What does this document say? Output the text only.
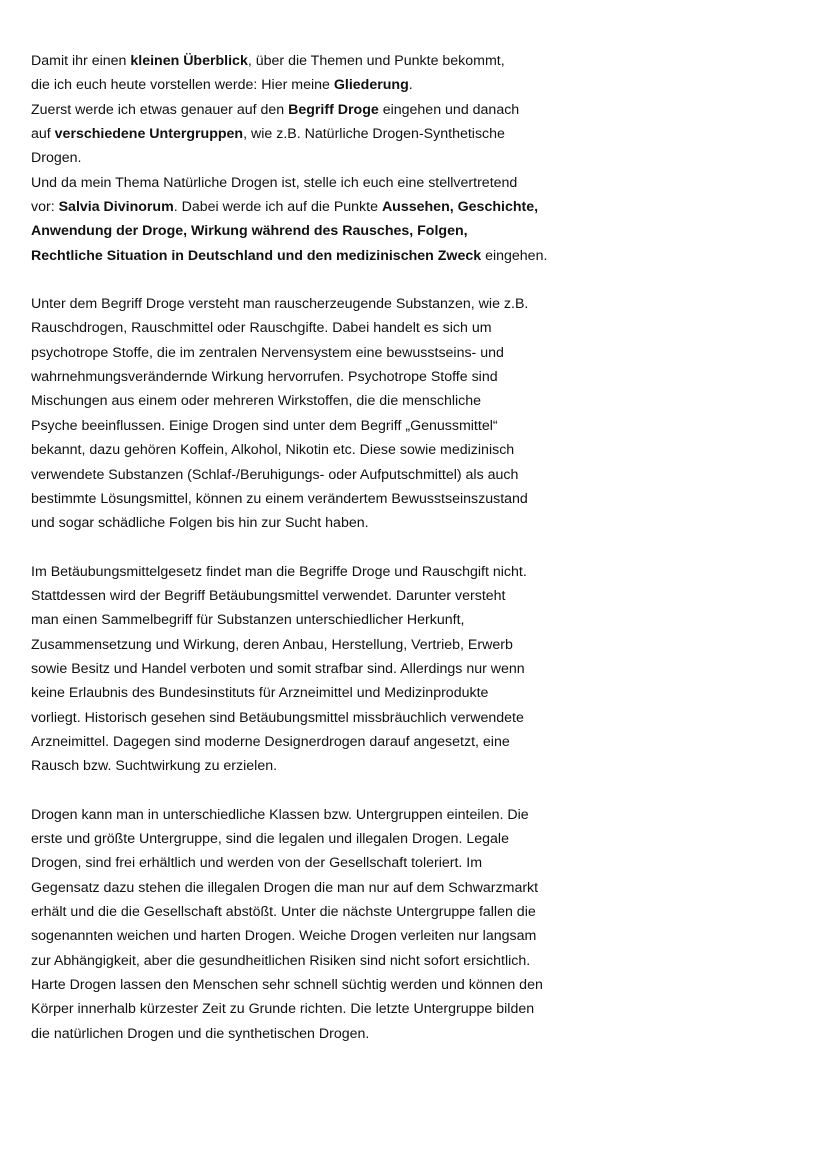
Damit ihr einen kleinen Überblick, über die Themen und Punkte bekommt,
die ich euch heute vorstellen werde: Hier meine Gliederung.
Zuerst werde ich etwas genauer auf den Begriff Droge eingehen und danach
auf verschiedene Untergruppen, wie z.B. Natürliche Drogen-Synthetische
Drogen.
Und da mein Thema Natürliche Drogen ist, stelle ich euch eine stellvertretend
vor: Salvia Divinorum. Dabei werde ich auf die Punkte Aussehen, Geschichte,
Anwendung der Droge, Wirkung während des Rausches, Folgen,
Rechtliche Situation in Deutschland und den medizinischen Zweck eingehen.
Unter dem Begriff Droge versteht man rauscherzeugende Substanzen, wie z.B.
Rauschdrogen, Rauschmittel oder Rauschgifte. Dabei handelt es sich um
psychotrope Stoffe, die im zentralen Nervensystem eine bewusstseins- und
wahrnehmungsverändernde Wirkung hervorrufen. Psychotrope Stoffe sind
Mischungen aus einem oder mehreren Wirkstoffen, die die menschliche
Psyche beeinflussen. Einige Drogen sind unter dem Begriff „Genussmittel“
bekannt, dazu gehören Koffein, Alkohol, Nikotin etc. Diese sowie medizinisch
verwendete Substanzen (Schlaf-/Beruhigungs- oder Aufputschmittel) als auch
bestimmte Lösungsmittel, können zu einem verändertem Bewusstseinszustand
und sogar schädliche Folgen bis hin zur Sucht haben.
Im Betäubungsmittelgesetz findet man die Begriffe Droge und Rauschgift nicht.
Stattdessen wird der Begriff Betäubungsmittel verwendet. Darunter versteht
man einen Sammelbegriff für Substanzen unterschiedlicher Herkunft,
Zusammensetzung und Wirkung, deren Anbau, Herstellung, Vertrieb, Erwerb
sowie Besitz und Handel verboten und somit strafbar sind. Allerdings nur wenn
keine Erlaubnis des Bundesinstituts für Arzneimittel und Medizinprodukte
vorliegt. Historisch gesehen sind Betäubungsmittel missbräuchlich verwendete
Arzneimittel. Dagegen sind moderne Designerdrogen darauf angesetzt, eine
Rausch bzw. Suchtwirkung zu erzielen.
Drogen kann man in unterschiedliche Klassen bzw. Untergruppen einteilen. Die
erste und größte Untergruppe, sind die legalen und illegalen Drogen. Legale
Drogen, sind frei erhältlich und werden von der Gesellschaft toleriert. Im
Gegensatz dazu stehen die illegalen Drogen die man nur auf dem Schwarzmarkt
erhält und die die Gesellschaft abstößt. Unter die nächste Untergruppe fallen die
sogenannten weichen und harten Drogen. Weiche Drogen verleiten nur langsam
zur Abhängigkeit, aber die gesundheitlichen Risiken sind nicht sofort ersichtlich.
Harte Drogen lassen den Menschen sehr schnell süchtig werden und können den
Körper innerhalb kürzester Zeit zu Grunde richten. Die letzte Untergruppe bilden
die natürlichen Drogen und die synthetischen Drogen.
